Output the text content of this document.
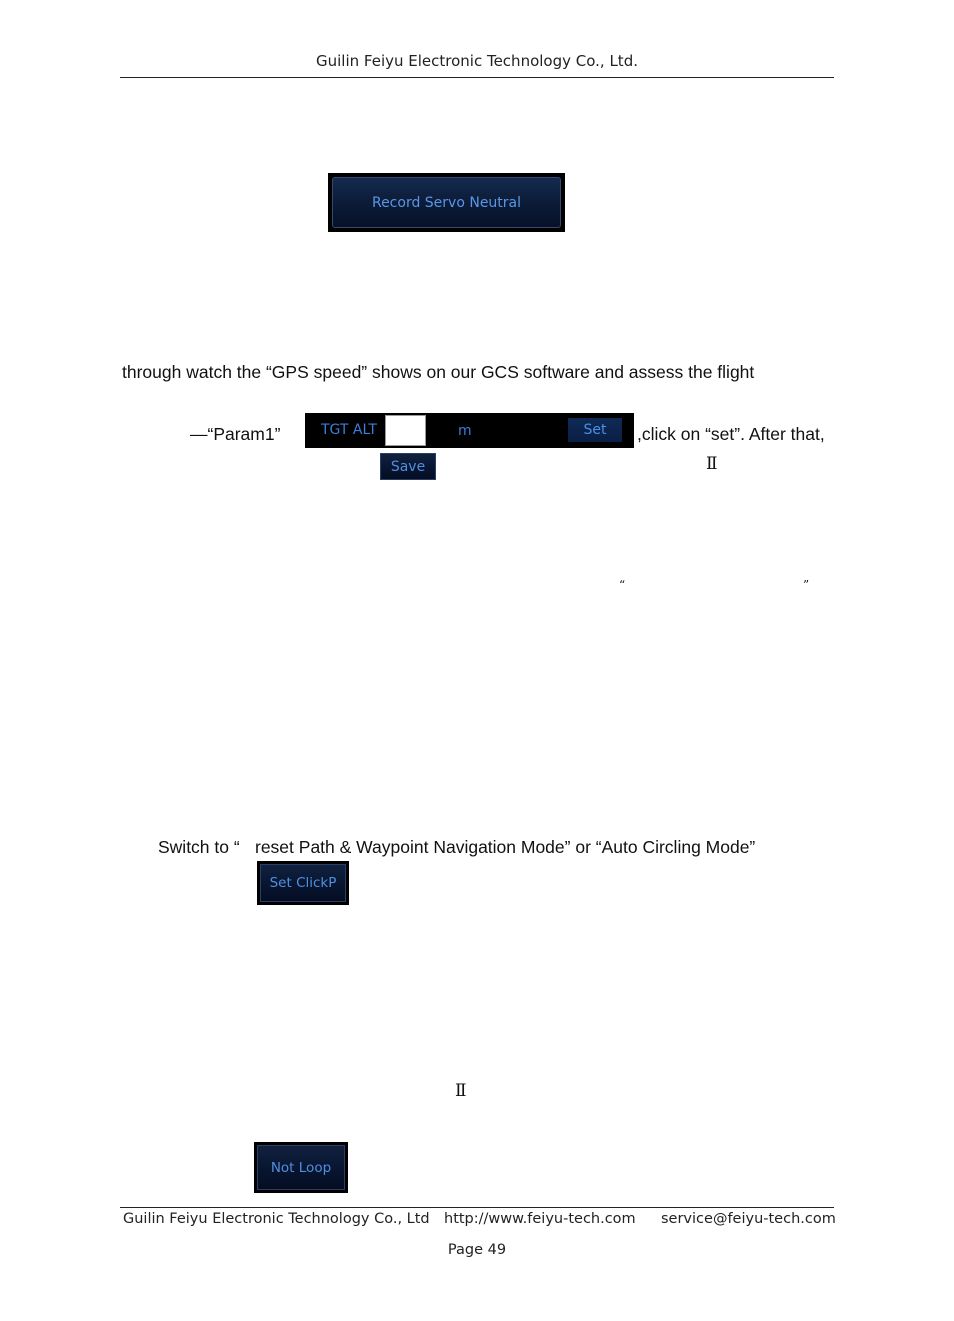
Guilin Feiyu Electronic Technology Co., Ltd.
Record Servo Neutral
through watch the “GPS speed” shows on our GCS software and assess the flight
—“Param1”	TGT ALT	m	Set	,click on “set”. After that,
Save	Ⅱ
“	”
Switch to “ reset Path & Waypoint Navigation Mode” or “Auto Circling Mode”
Set ClickP
Ⅱ
Not Loop
Guilin Feiyu Electronic Technology Co., Ltd http://www.feiyu-tech.com service@feiyu-tech.com
Page 49
